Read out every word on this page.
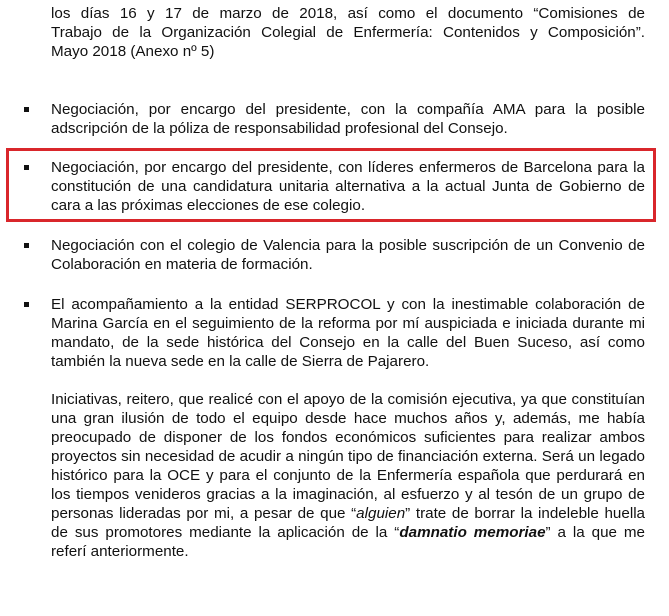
los días 16 y 17 de marzo de 2018, así como el documento “Comisiones de

Trabajo de la Organización Colegial de Enfermería: Contenidos y Composición”.

Mayo 2018 (Anexo nº 5)

Negociación, por encargo del presidente, con la compañía AMA para la posible adscripción de la póliza de responsabilidad profesional del Consejo.

Negociación, por encargo del presidente, con líderes enfermeros de Barcelona para la constitución de una candidatura unitaria alternativa a la actual Junta de Gobierno de cara a las próximas elecciones de ese colegio.

Negociación con el colegio de Valencia para la posible suscripción de un Convenio de Colaboración en materia de formación.

El acompañamiento a la entidad SERPROCOL y con la inestimable colaboración de Marina García en el seguimiento de la reforma por mí auspiciada e iniciada durante mi mandato, de la sede histórica del Consejo en la calle del Buen Suceso, así como también la nueva sede en la calle de Sierra de Pajarero.

Iniciativas, reitero, que realicé con el apoyo de la comisión ejecutiva, ya que constituían una gran ilusión de todo el equipo desde hace muchos años y, además, me había preocupado de disponer de los fondos económicos suficientes para realizar ambos proyectos sin necesidad de acudir a ningún tipo de financiación externa. Será un legado histórico para la OCE y para el conjunto de la Enfermería española que perdurará en los tiempos venideros gracias a la imaginación, al esfuerzo y al tesón de un grupo de personas lideradas por mi, a pesar de que “alguien” trate de borrar la indeleble huella de sus promotores mediante la aplicación de la “damnatio memoriae” a la que me referí anteriormente.
